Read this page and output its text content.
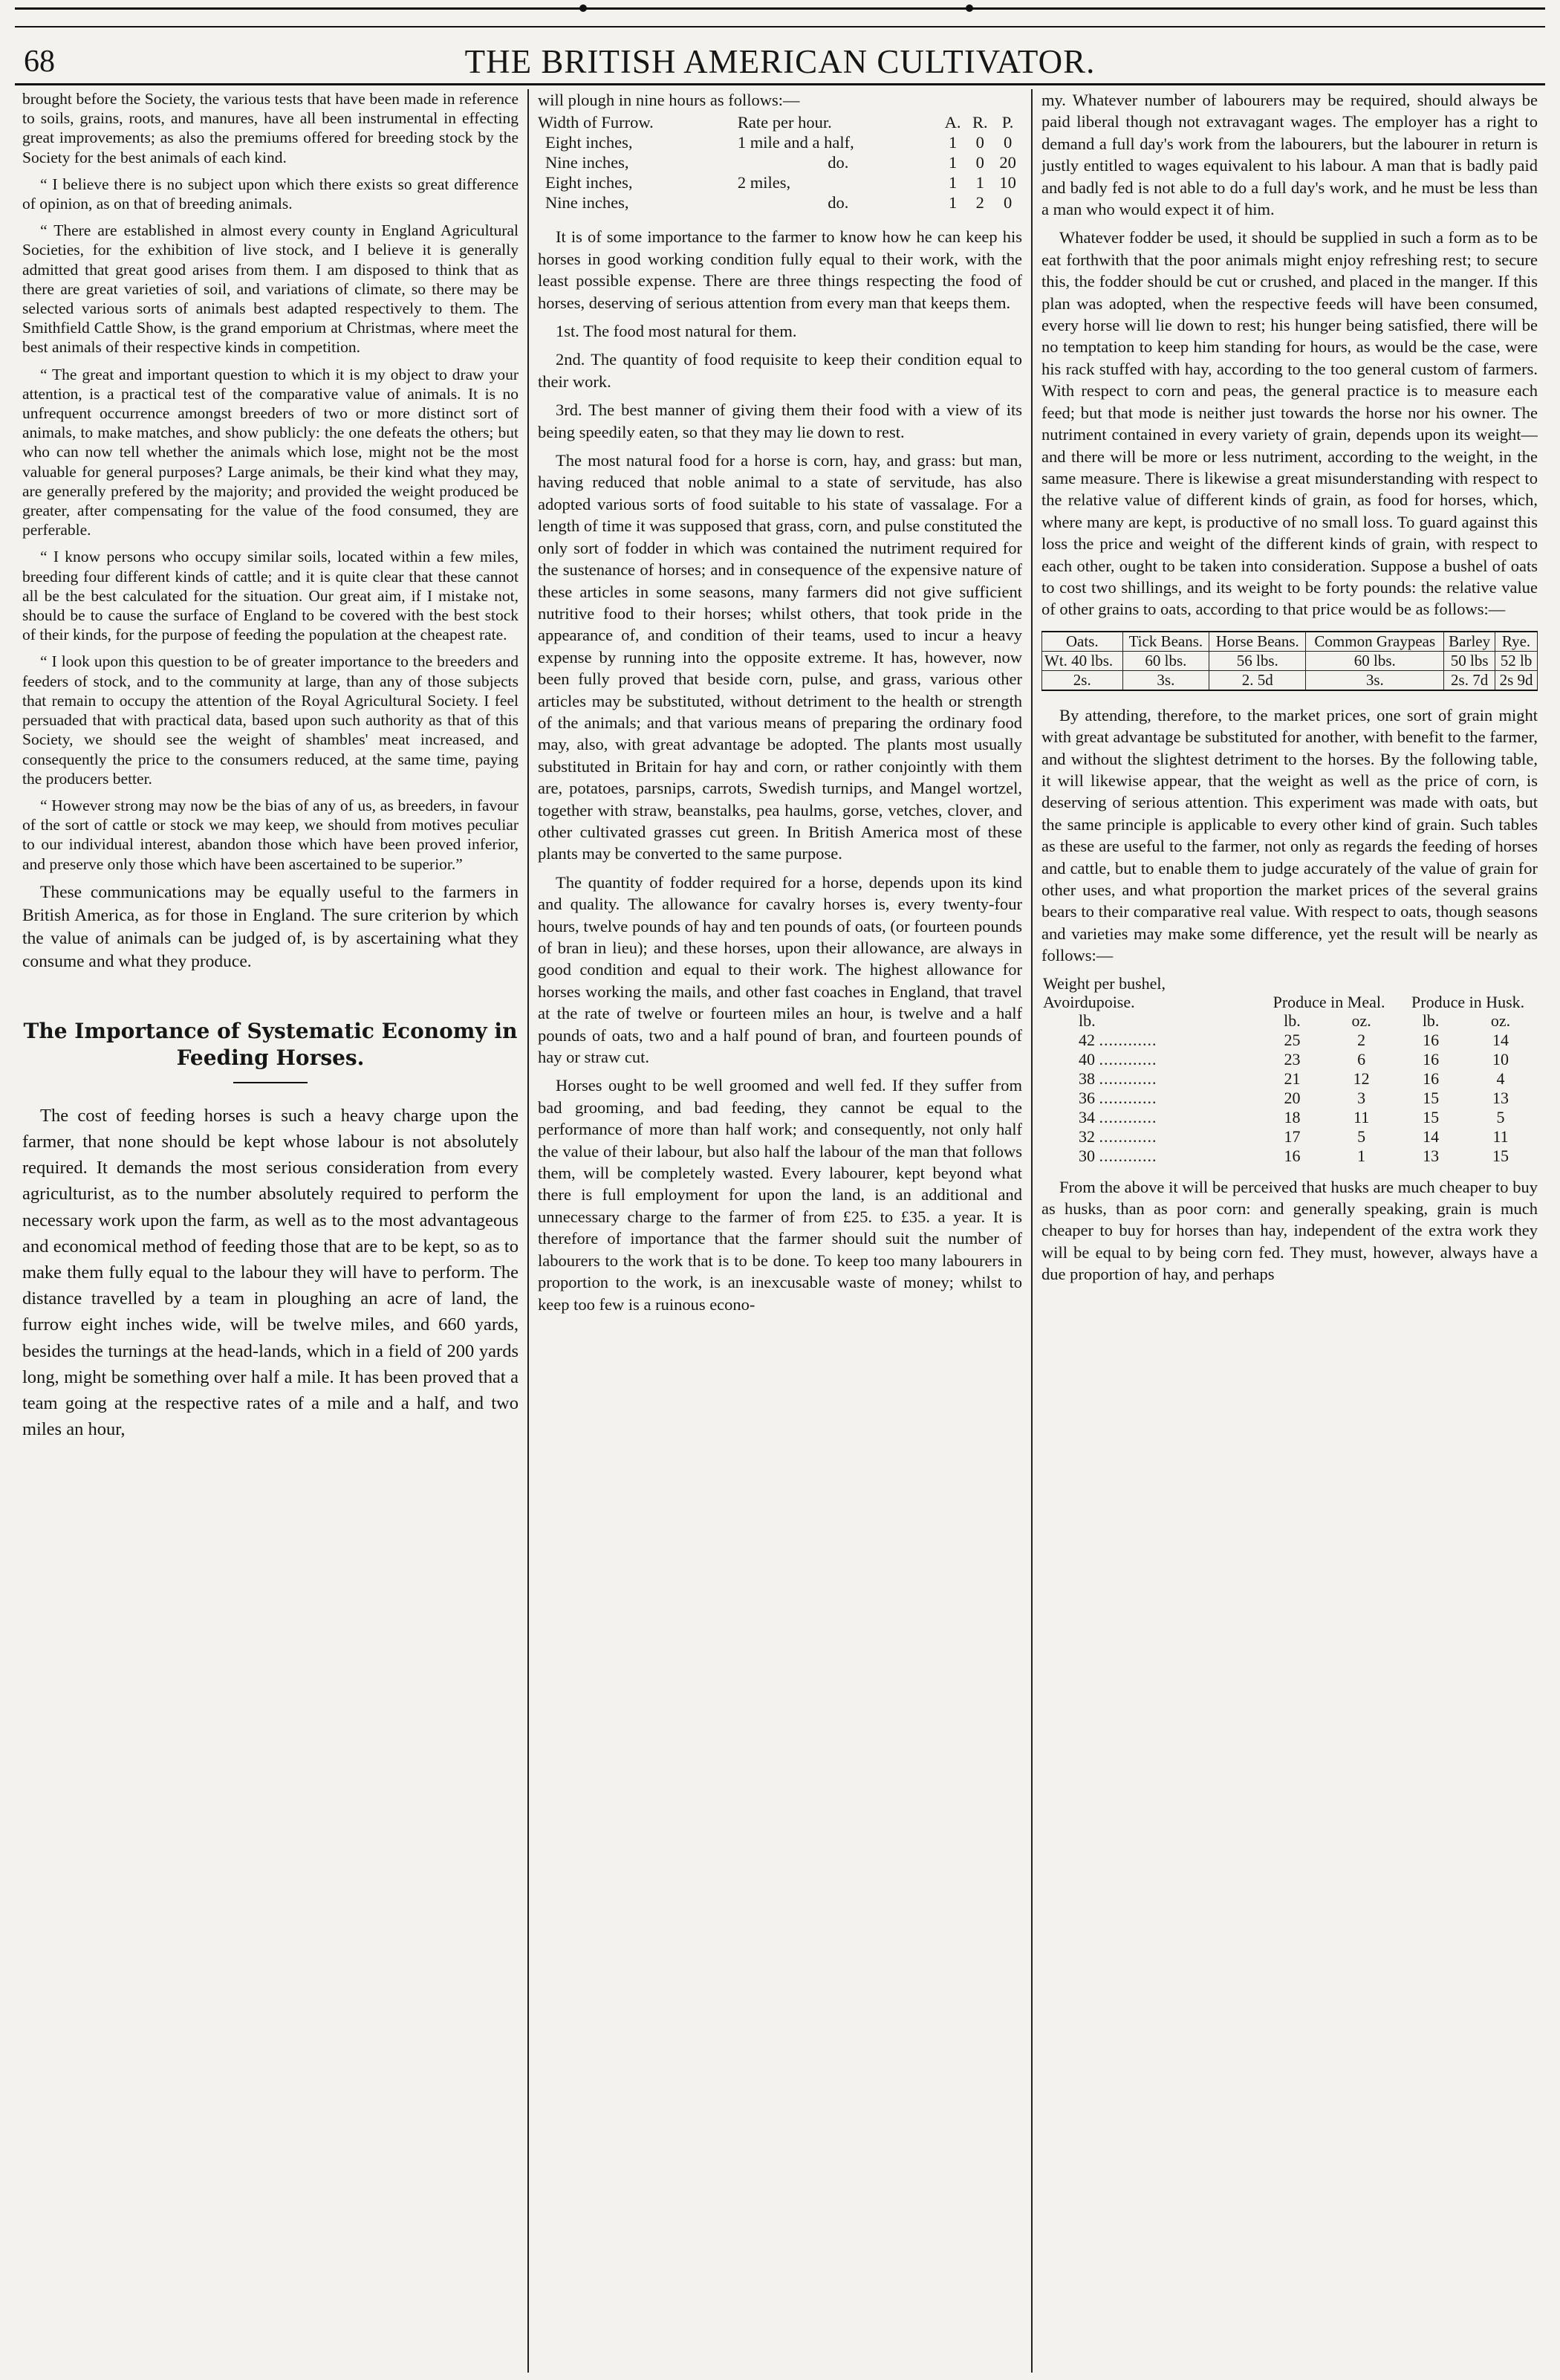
68	THE BRITISH AMERICAN CULTIVATOR.

brought before the Society, the various tests that have been made in reference to soils, grains, roots, and manures, have all been instrumental in effecting great improvements; as also the premiums offered for breeding stock by the Society for the best animals of each kind.

“ I believe there is no subject upon which there exists so great difference of opinion, as on that of breeding animals.

“ There are established in almost every county in England Agricultural Societies, for the exhibition of live stock, and I believe it is generally admitted that great good arises from them. I am disposed to think that as there are great varieties of soil, and variations of climate, so there may be selected various sorts of animals best adapted respectively to them. The Smithfield Cattle Show, is the grand emporium at Christmas, where meet the best animals of their respective kinds in competition.

“ The great and important question to which it is my object to draw your attention, is a practical test of the comparative value of animals. It is no unfrequent occurrence amongst breeders of two or more distinct sort of animals, to make matches, and show publicly: the one defeats the others; but who can now tell whether the animals which lose, might not be the most valuable for general purposes? Large animals, be their kind what they may, are generally prefered by the majority; and provided the weight produced be greater, after compensating for the value of the food consumed, they are perferable.

“ I know persons who occupy similar soils, located within a few miles, breeding four different kinds of cattle; and it is quite clear that these cannot all be the best calculated for the situation. Our great aim, if I mistake not, should be to cause the surface of England to be covered with the best stock of their kinds, for the purpose of feeding the population at the cheapest rate.

“ I look upon this question to be of greater importance to the breeders and feeders of stock, and to the community at large, than any of those subjects that remain to occupy the attention of the Royal Agricultural Society. I feel persuaded that with practical data, based upon such authority as that of this Society, we should see the weight of shambles' meat increased, and consequently the price to the consumers reduced, at the same time, paying the producers better.

“ However strong may now be the bias of any of us, as breeders, in favour of the sort of cattle or stock we may keep, we should from motives peculiar to our individual interest, abandon those which have been proved inferior, and preserve only those which have been ascertained to be superior.”

These communications may be equally useful to the farmers in British America, as for those in England. The sure criterion by which the value of animals can be judged of, is by ascertaining what they consume and what they produce.

The Importance of Systematic Economy in Feeding Horses.

The cost of feeding horses is such a heavy charge upon the farmer, that none should be kept whose labour is not absolutely required. It demands the most serious consideration from every agriculturist, as to the number absolutely required to perform the necessary work upon the farm, as well as to the most advantageous and economical method of feeding those that are to be kept, so as to make them fully equal to the labour they will have to perform. The distance travelled by a team in ploughing an acre of land, the furrow eight inches wide, will be twelve miles, and 660 yards, besides the turnings at the head-lands, which in a field of 200 yards long, might be something over half a mile. It has been proved that a team going at the respective rates of a mile and a half, and two miles an hour,

will plough in nine hours as follows:—

Width of Furrow.	Rate per hour.	A.	R.	P.
Eight inches,	1 mile and a half,	1	0	0
Nine inches,	do.	1	0	20
Eight inches,	2 miles,	1	1	10
Nine inches,	do.	1	2	0

It is of some importance to the farmer to know how he can keep his horses in good working condition fully equal to their work, with the least possible expense. There are three things respecting the food of horses, deserving of serious attention from every man that keeps them.

1st. The food most natural for them.

2nd. The quantity of food requisite to keep their condition equal to their work.

3rd. The best manner of giving them their food with a view of its being speedily eaten, so that they may lie down to rest.

The most natural food for a horse is corn, hay, and grass: but man, having reduced that noble animal to a state of servitude, has also adopted various sorts of food suitable to his state of vassalage. For a length of time it was supposed that grass, corn, and pulse constituted the only sort of fodder in which was contained the nutriment required for the sustenance of horses; and in consequence of the expensive nature of these articles in some seasons, many farmers did not give sufficient nutritive food to their horses; whilst others, that took pride in the appearance of, and condition of their teams, used to incur a heavy expense by running into the opposite extreme. It has, however, now been fully proved that beside corn, pulse, and grass, various other articles may be substituted, without detriment to the health or strength of the animals; and that various means of preparing the ordinary food may, also, with great advantage be adopted. The plants most usually substituted in Britain for hay and corn, or rather conjointly with them are, potatoes, parsnips, carrots, Swedish turnips, and Mangel wortzel, together with straw, beanstalks, pea haulms, gorse, vetches, clover, and other cultivated grasses cut green. In British America most of these plants may be converted to the same purpose.

The quantity of fodder required for a horse, depends upon its kind and quality. The allowance for cavalry horses is, every twenty-four hours, twelve pounds of hay and ten pounds of oats, (or fourteen pounds of bran in lieu); and these horses, upon their allowance, are always in good condition and equal to their work. The highest allowance for horses working the mails, and other fast coaches in England, that travel at the rate of twelve or fourteen miles an hour, is twelve and a half pounds of oats, two and a half pound of bran, and fourteen pounds of hay or straw cut.

Horses ought to be well groomed and well fed. If they suffer from bad grooming, and bad feeding, they cannot be equal to the performance of more than half work; and consequently, not only half the value of their labour, but also half the labour of the man that follows them, will be completely wasted. Every labourer, kept beyond what there is full employment for upon the land, is an additional and unnecessary charge to the farmer of from £25. to £35. a year. It is therefore of importance that the farmer should suit the number of labourers to the work that is to be done. To keep too many labourers in proportion to the work, is an inexcusable waste of money; whilst to keep too few is a ruinous econo-

my. Whatever number of labourers may be required, should always be paid liberal though not extravagant wages. The employer has a right to demand a full day's work from the labourers, but the labourer in return is justly entitled to wages equivalent to his labour. A man that is badly paid and badly fed is not able to do a full day's work, and he must be less than a man who would expect it of him.

Whatever fodder be used, it should be supplied in such a form as to be eat forthwith that the poor animals might enjoy refreshing rest; to secure this, the fodder should be cut or crushed, and placed in the manger. If this plan was adopted, when the respective feeds will have been consumed, every horse will lie down to rest; his hunger being satisfied, there will be no temptation to keep him standing for hours, as would be the case, were his rack stuffed with hay, according to the too general custom of farmers. With respect to corn and peas, the general practice is to measure each feed; but that mode is neither just towards the horse nor his owner. The nutriment contained in every variety of grain, depends upon its weight—and there will be more or less nutriment, according to the weight, in the same measure. There is likewise a great misunderstanding with respect to the relative value of different kinds of grain, as food for horses, which, where many are kept, is productive of no small loss. To guard against this loss the price and weight of the different kinds of grain, with respect to each other, ought to be taken into consideration. Suppose a bushel of oats to cost two shillings, and its weight to be forty pounds: the relative value of other grains to oats, according to that price would be as follows:—

Oats.	Tick Beans.	Horse Beans.	Common Graypeas	Barley	Rye.
Wt. 40 lbs.	60 lbs.	56 lbs.	60 lbs.	50 lbs	52 lb
2s.	3s.	2. 5d	3s.	2s. 7d	2s 9d

By attending, therefore, to the market prices, one sort of grain might with great advantage be substituted for another, with benefit to the farmer, and without the slightest detriment to the horses. By the following table, it will likewise appear, that the weight as well as the price of corn, is deserving of serious attention. This experiment was made with oats, but the same principle is applicable to every other kind of grain. Such tables as these are useful to the farmer, not only as regards the feeding of horses and cattle, but to enable them to judge accurately of the value of grain for other uses, and what proportion the market prices of the several grains bears to their comparative real value. With respect to oats, though seasons and varieties may make some difference, yet the result will be nearly as follows:—

Weight per bushel, Avoirdupoise.	Produce in Meal.		Produce in Husk.	
lb.	lb.	oz.	lb.	oz.
42 ............	25	2	16	14
40 ............	23	6	16	10
38 ............	21	12	16	4
36 ............	20	3	15	13
34 ............	18	11	15	5
32 ............	17	5	14	11
30 ............	16	1	13	15

From the above it will be perceived that husks are much cheaper to buy as husks, than as poor corn: and generally speaking, grain is much cheaper to buy for horses than hay, independent of the extra work they will be equal to by being corn fed. They must, however, always have a due proportion of hay, and perhaps
